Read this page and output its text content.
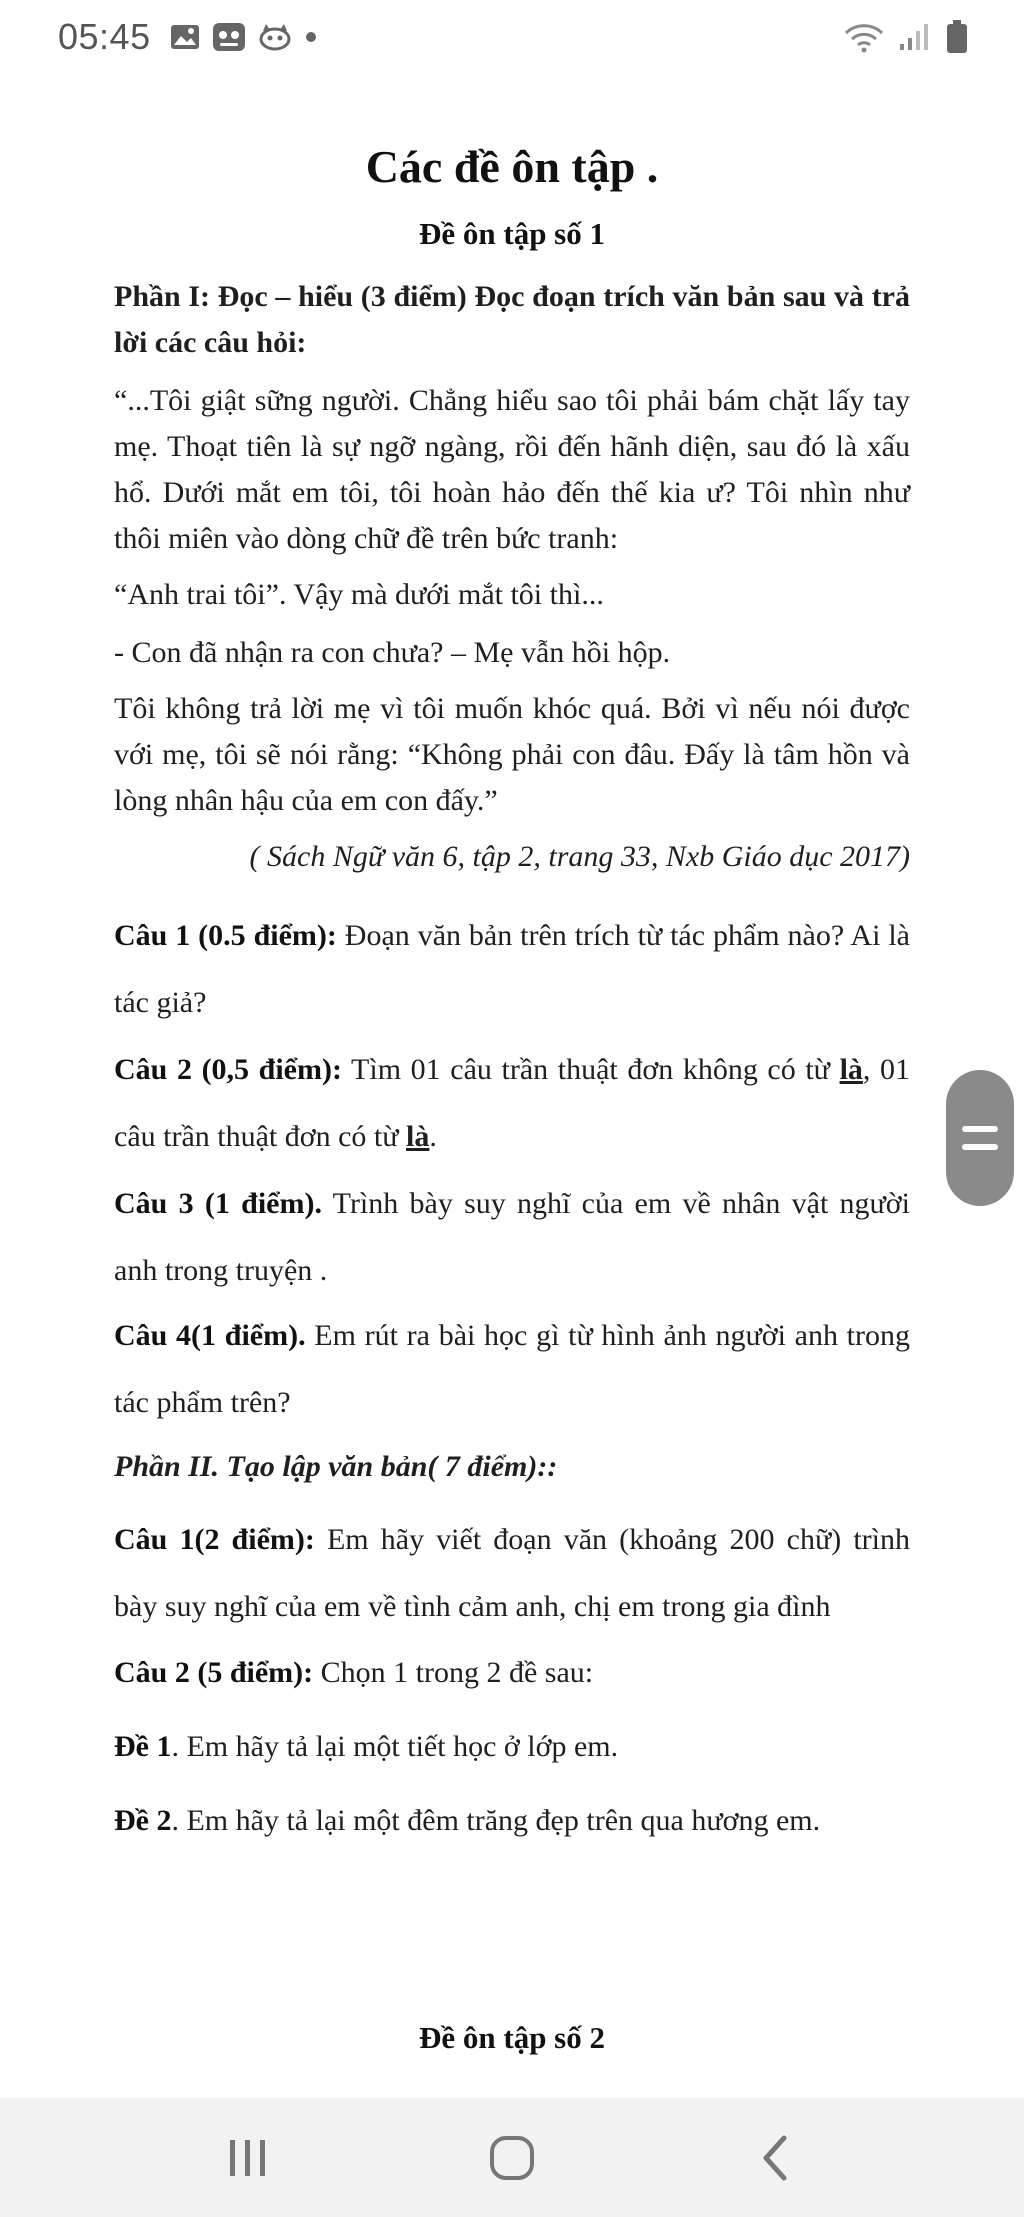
05:45
Các đề ôn tập .
Đề ôn tập số 1
Phần I: Đọc – hiểu (3 điểm) Đọc đoạn trích văn bản sau và trả lời các câu hỏi:
“...Tôi giật sững người. Chẳng hiểu sao tôi phải bám chặt lấy tay mẹ. Thoạt tiên là sự ngỡ ngàng, rồi đến hãnh diện, sau đó là xấu hổ. Dưới mắt em tôi, tôi hoàn hảo đến thế kia ư? Tôi nhìn như thôi miên vào dòng chữ đề trên bức tranh:
“Anh trai tôi”. Vậy mà dưới mắt tôi thì...
- Con đã nhận ra con chưa? – Mẹ vẫn hồi hộp.
Tôi không trả lời mẹ vì tôi muốn khóc quá. Bởi vì nếu nói được với mẹ, tôi sẽ nói rằng: “Không phải con đâu. Đấy là tâm hồn và lòng nhân hậu của em con đấy.”
( Sách Ngữ văn 6, tập 2, trang 33, Nxb Giáo dục 2017)
Câu 1 (0.5 điểm): Đoạn văn bản trên trích từ tác phẩm nào? Ai là tác giả?
Câu 2 (0,5 điểm): Tìm 01 câu trần thuật đơn không có từ là, 01 câu trần thuật đơn có từ là.
Câu 3 (1 điểm). Trình bày suy nghĩ của em về nhân vật người anh trong truyện .
Câu 4(1 điểm). Em rút ra bài học gì từ hình ảnh người anh trong tác phẩm trên?
Phần II. Tạo lập văn bản( 7 điểm)::
Câu 1(2 điểm): Em hãy viết đoạn văn (khoảng 200 chữ) trình bày suy nghĩ của em về tình cảm anh, chị em trong gia đình
Câu 2 (5 điểm): Chọn 1 trong 2 đề sau:
Đề 1. Em hãy tả lại một tiết học ở lớp em.
Đề 2. Em hãy tả lại một đêm trăng đẹp trên qua hương em.
Đề ôn tập số 2
